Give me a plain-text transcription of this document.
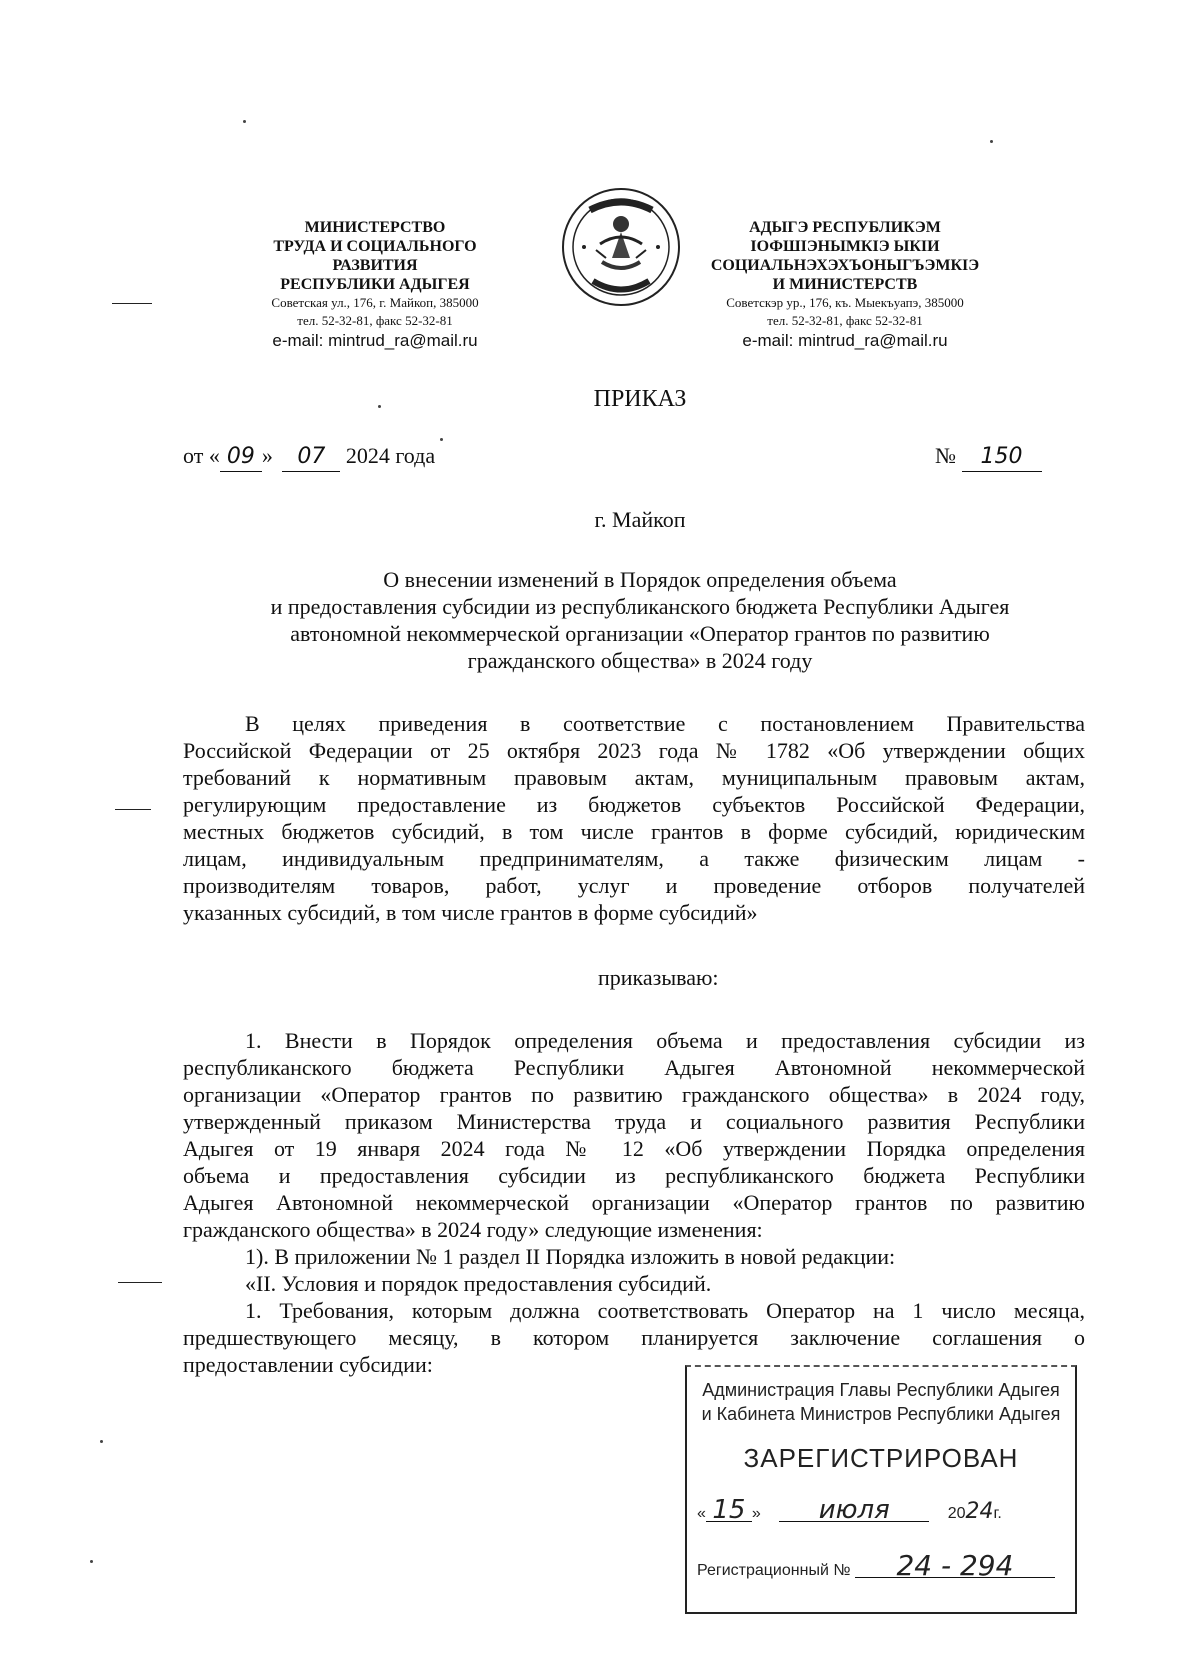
МИНИСТЕРСТВО
ТРУДА И СОЦИАЛЬНОГО
РАЗВИТИЯ
РЕСПУБЛИКИ АДЫГЕЯ
Советская ул., 176, г. Майкоп, 385000
тел. 52-32-81, факс 52-32-81
e-mail: mintrud_ra@mail.ru
АДЫГЭ РЕСПУБЛИКЭМ
IОФШIЭНЫМКIЭ ЫКIИ
СОЦИАЛЬНЭХЭХЪОНЫГЪЭМКIЭ
И МИНИСТЕРСТВ
Советскэр ур., 176, къ. Мыекъуапэ, 385000
тел. 52-32-81, факс 52-32-81
e-mail: mintrud_ra@mail.ru
ПРИКАЗ
от « 09 » 07 2024 года	№ 150
г. Майкоп
О внесении изменений в Порядок определения объема
и предоставления субсидии из республиканского бюджета Республики Адыгея
автономной некоммерческой организации «Оператор грантов по развитию
гражданского общества» в 2024 году
В целях приведения в соответствие с постановлением Правительства
Российской Федерации от 25 октября 2023 года № 1782 «Об утверждении общих
требований к нормативным правовым актам, муниципальным правовым актам,
регулирующим предоставление из бюджетов субъектов Российской Федерации,
местных бюджетов субсидий, в том числе грантов в форме субсидий, юридическим
лицам, индивидуальным предпринимателям, а также физическим лицам -
производителям товаров, работ, услуг и проведение отборов получателей
указанных субсидий, в том числе грантов в форме субсидий»
приказываю:
1. Внести в Порядок определения объема и предоставления субсидии из
республиканского бюджета Республики Адыгея Автономной некоммерческой
организации «Оператор грантов по развитию гражданского общества» в 2024 году,
утвержденный приказом Министерства труда и социального развития Республики
Адыгея от 19 января 2024 года № 12 «Об утверждении Порядка определения
объема и предоставления субсидии из республиканского бюджета Республики
Адыгея Автономной некоммерческой организации «Оператор грантов по развитию
гражданского общества» в 2024 году» следующие изменения:
1). В приложении № 1 раздел II Порядка изложить в новой редакции:
«II. Условия и порядок предоставления субсидий.
1. Требования, которым должна соответствовать Оператор на 1 число месяца,
предшествующего месяцу, в котором планируется заключение соглашения о
предоставлении субсидии:
Администрация Главы Республики Адыгея
и Кабинета Министров Республики Адыгея
ЗАРЕГИСТРИРОВАН
« 15 » июля	2024г.
Регистрационный № 24 - 294
